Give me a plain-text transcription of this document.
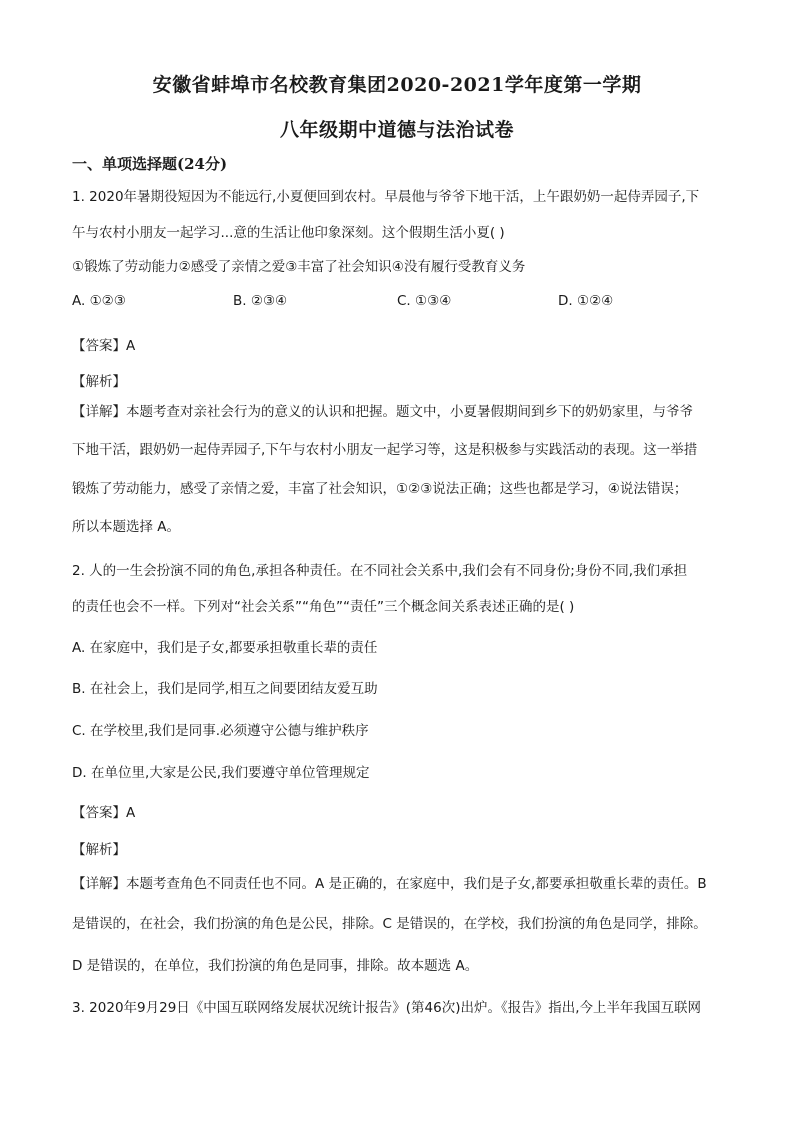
安徽省蚌埠市名校教育集团2020-2021学年度第一学期
八年级期中道德与法治试卷
一、单项选择题(24分)
1. 2020年暑期役短因为不能远行,小夏便回到农村。早晨他与爷爷下地干活，上午跟奶奶一起侍弄园子,下
午与农村小朋友一起学习...意的生活让他印象深刻。这个假期生活小夏( )
①锻炼了劳动能力②感受了亲情之爱③丰富了社会知识④没有履行受教育义务
A. ①②③	B. ②③④	C. ①③④	D. ①②④
【答案】A
【解析】
【详解】本题考查对亲社会行为的意义的认识和把握。题文中，小夏暑假期间到乡下的奶奶家里，与爷爷
下地干活，跟奶奶一起侍弄园子,下午与农村小朋友一起学习等，这是积极参与实践活动的表现。这一举措
锻炼了劳动能力，感受了亲情之爱，丰富了社会知识，①②③说法正确；这些也都是学习，④说法错误；
所以本题选择 A。
2. 人的一生会扮演不同的角色,承担各种责任。在不同社会关系中,我们会有不同身份;身份不同,我们承担
的责任也会不一样。下列对“社会关系”“角色”“责任”三个概念间关系表述正确的是( )
A. 在家庭中，我们是子女,都要承担敬重长辈的责任
B. 在社会上，我们是同学,相互之间要团结友爱互助
C. 在学校里,我们是同事.必须遵守公德与维护秩序
D. 在单位里,大家是公民,我们要遵守单位管理规定
【答案】A
【解析】
【详解】本题考查角色不同责任也不同。A 是正确的，在家庭中，我们是子女,都要承担敬重长辈的责任。B
是错误的，在社会，我们扮演的角色是公民，排除。C 是错误的，在学校，我们扮演的角色是同学，排除。
D 是错误的，在单位，我们扮演的角色是同事，排除。故本题选 A。
3. 2020年9月29日《中国互联网络发展状况统计报告》(第46次)出炉。《报告》指出,今上半年我国互联网
